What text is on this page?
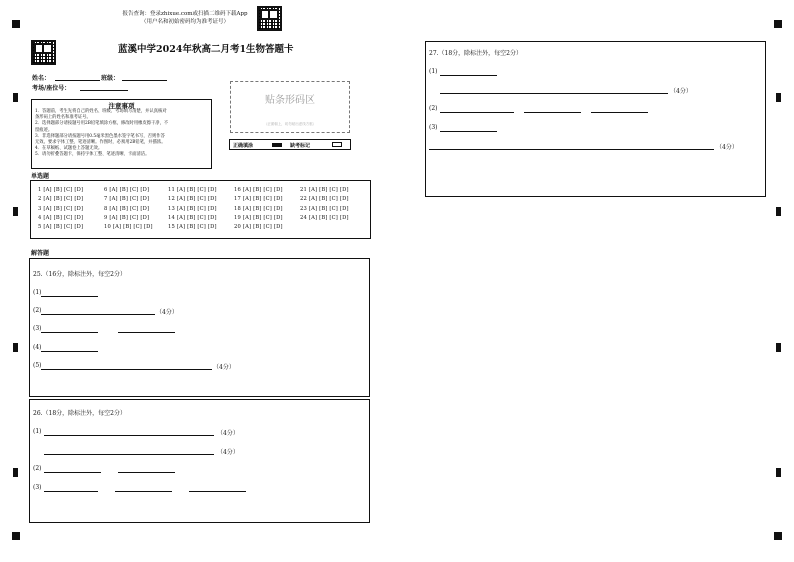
报告查询：登录zhixue.com或扫描二维码下载App
（用户名和初始密码均为准考证号）
蓝溪中学2024年秋高二月考1生物答题卡
姓名：	班级：
考场/座位号：
注意事项
1．答题前，考生先将自己的姓名、班级、考场填写清楚，并认真核对
条形码上的姓名和准考证号。
2．选择题部分请按题号用2B铅笔填涂方框，修改时用橡皮擦干净，不
留痕迹。
3．非选择题部分请按题号用0.5毫米黑色墨水签字笔书写，否则作答
无效。要求字体工整、笔迹清晰。作图时，必须用2B铅笔，并描浓。
4．在草稿纸、试题卷上答题无效。
5．请勿折叠答题卡，保持字体工整、笔迹清晰、卡面清洁。
贴条形码区
（正面朝上，切勿贴出虚线方框）
正确填涂	缺考标记
单选题
1 [A] [B] [C] [D]
2 [A] [B] [C] [D]
3 [A] [B] [C] [D]
4 [A] [B] [C] [D]
5 [A] [B] [C] [D]
6 [A] [B] [C] [D]
7 [A] [B] [C] [D]
8 [A] [B] [C] [D]
9 [A] [B] [C] [D]
10 [A] [B] [C] [D]
11 [A] [B] [C] [D]
12 [A] [B] [C] [D]
13 [A] [B] [C] [D]
14 [A] [B] [C] [D]
15 [A] [B] [C] [D]
16 [A] [B] [C] [D]
17 [A] [B] [C] [D]
18 [A] [B] [C] [D]
19 [A] [B] [C] [D]
20 [A] [B] [C] [D]
21 [A] [B] [C] [D]
22 [A] [B] [C] [D]
23 [A] [B] [C] [D]
24 [A] [B] [C] [D]
解答题
25.（16分，除标注外，每空2分）
(1)
(2)	（4分）
(3)
(4)
(5)	（4分）
26.（18分，除标注外，每空2分）
(1)	（4分）
（4分）
(2)
(3)
27.（18分，除标注外，每空2分）
(1)
（4分）
(2)
(3)
（4分）
